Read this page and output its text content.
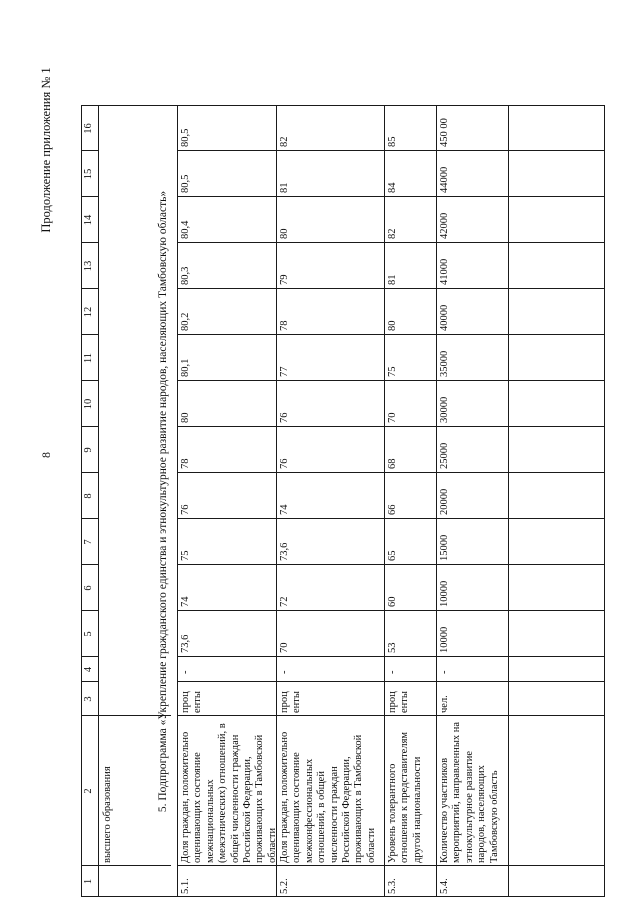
8
Продолжение приложения № 1
1
2
3
4
5
6
7
8
9
10
11
12
13
14
15
16
высшего образования
5. Подпрограмма «Укрепление гражданского единства и этнокультурное развитие народов, населяющих Тамбовскую область»
5.1.
Доля граждан, положительно оценивающих состояние межнациональных (межэтнических) отношений, в общей численности граждан Российской Федерации, проживающих в Тамбовской области
проц енты
-
73,6
74
75
76
78
80
80,1
80,2
80,3
80,4
80,5
80,5
5.2.
Доля граждан, положительно оценивающих состояние межконфессиональных отношений, в общей численности граждан Российской Федерации, проживающих в Тамбовской области
проц енты
-
70
72
73,6
74
76
76
77
78
79
80
81
82
5.3.
Уровень толерантного отношения к представителям другой национальности
проц енты
-
53
60
65
66
68
70
75
80
81
82
84
85
5.4.
Количество участников мероприятий, направленных на этнокультурное развитие народов, населяющих Тамбовскую область
чел.
-
10000
10000
15000
20000
25000
30000
35000
40000
41000
42000
44000
450 00
